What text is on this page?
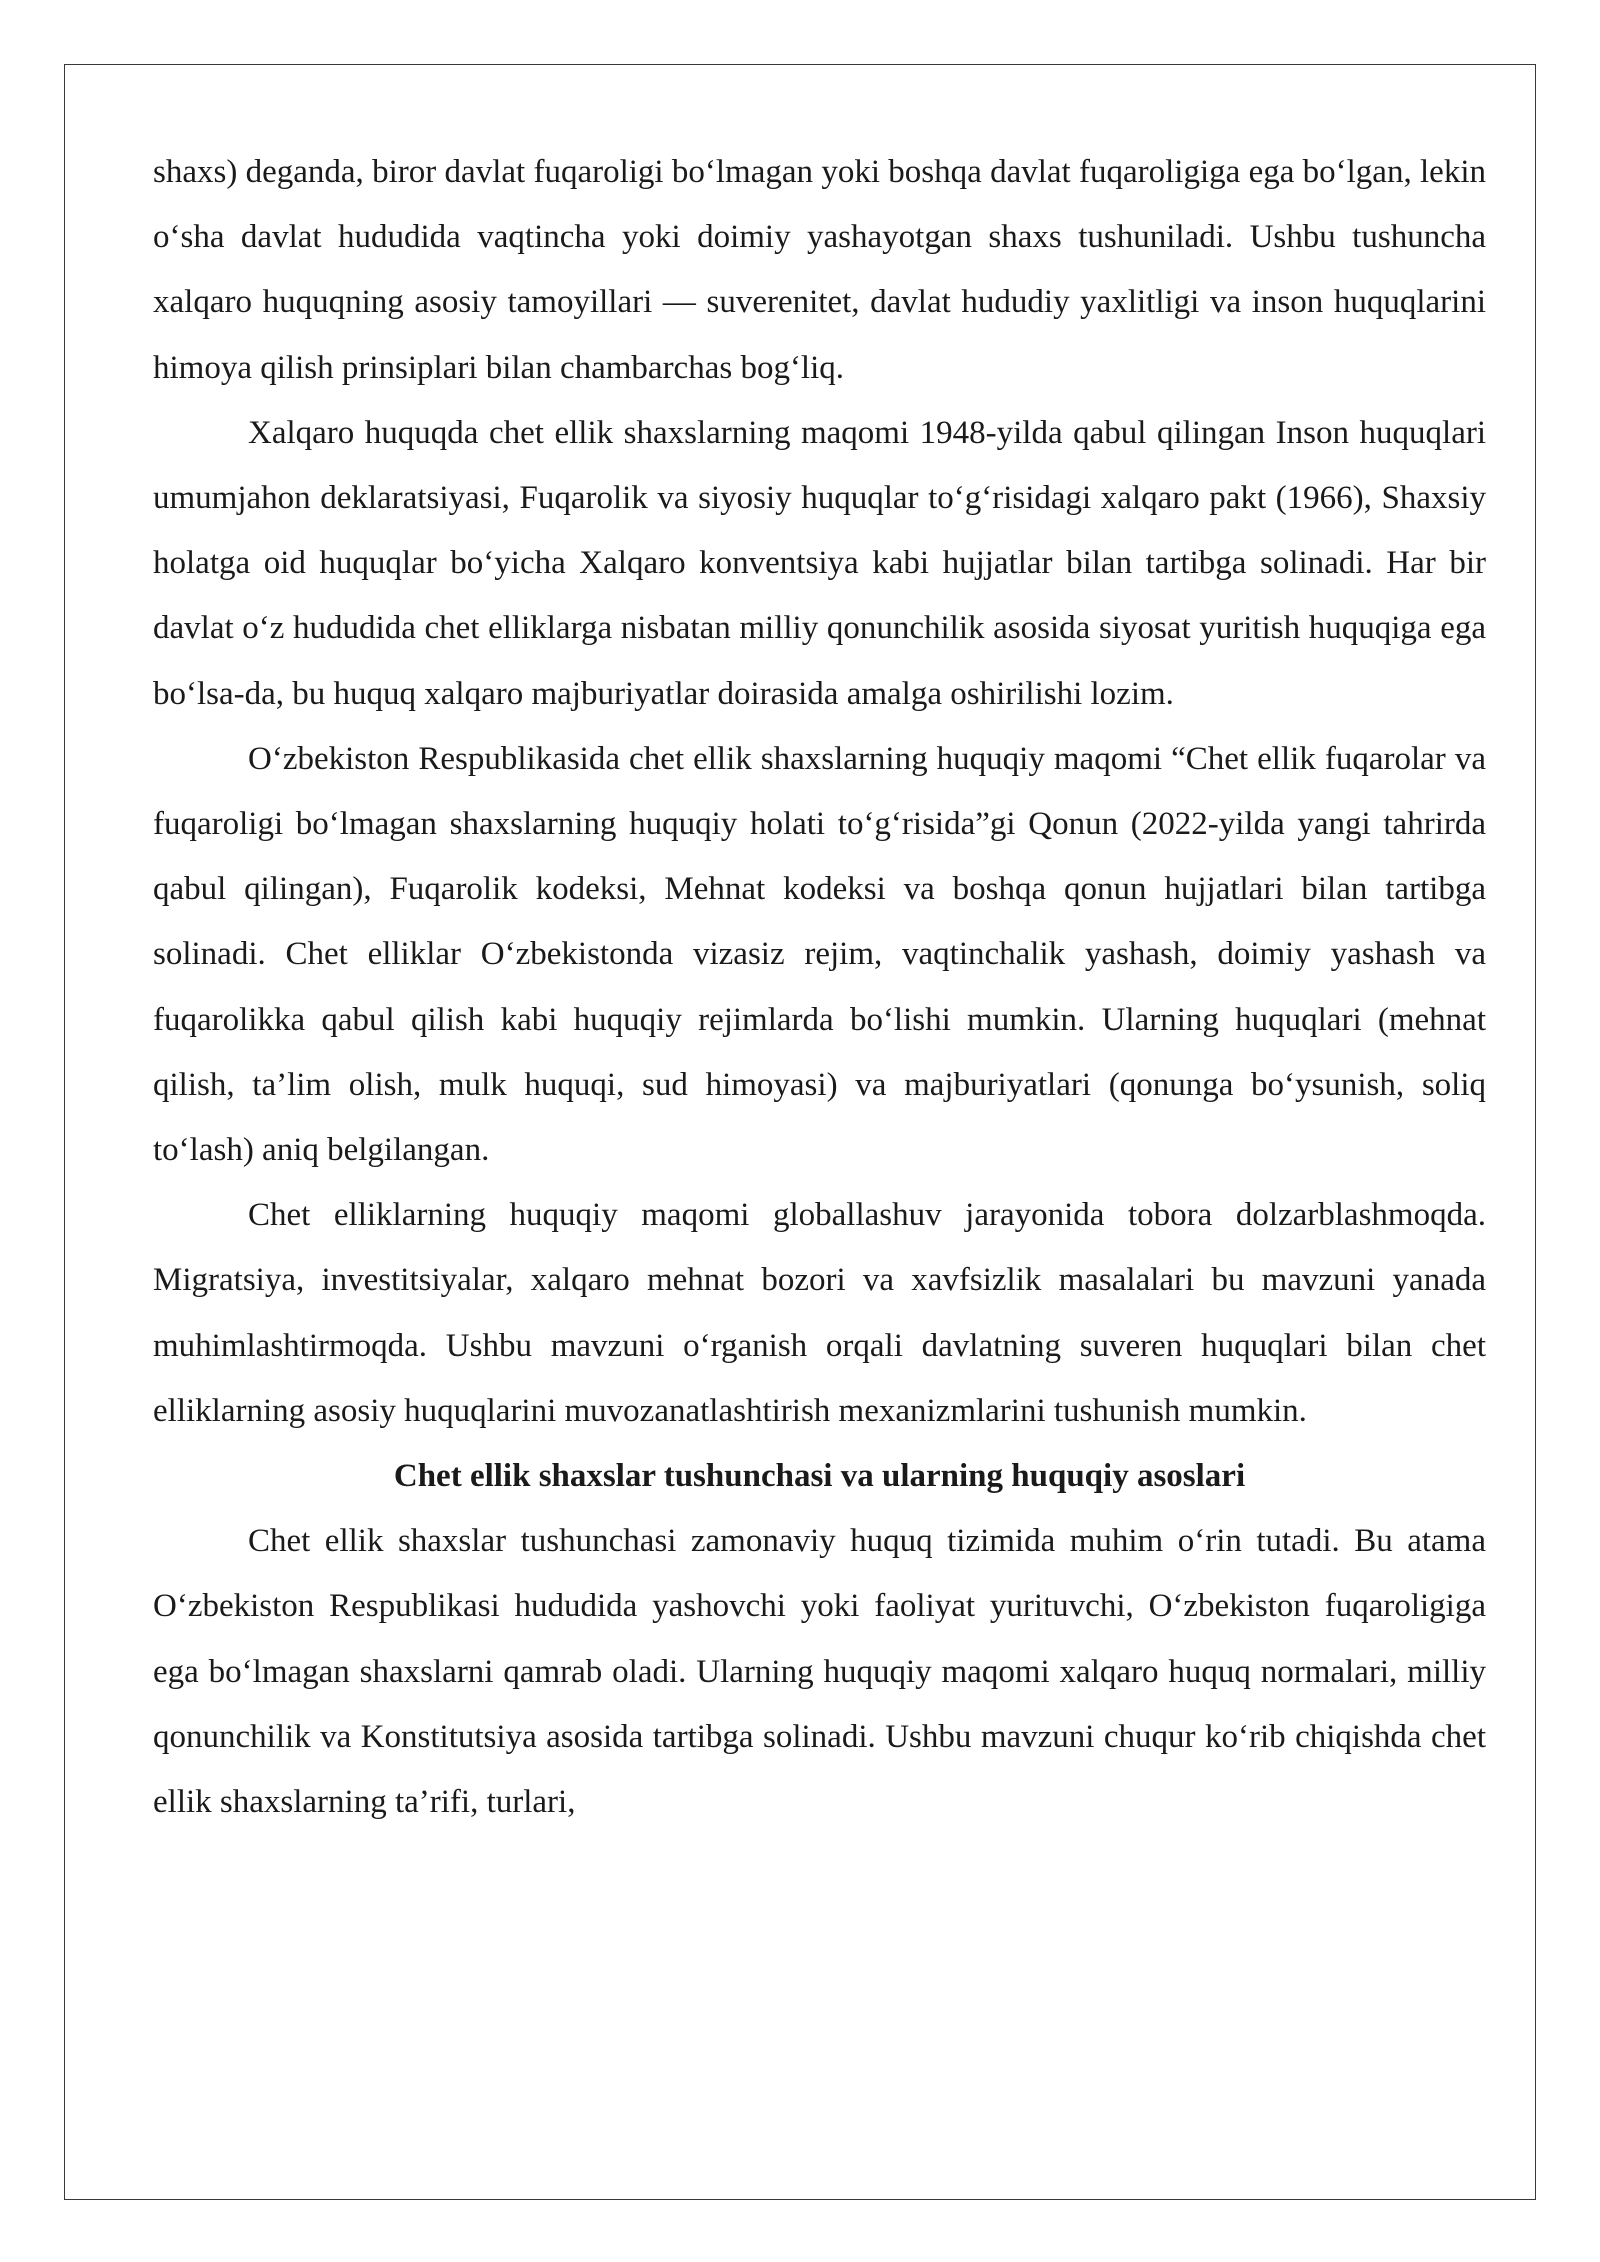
shaxs) deganda, biror davlat fuqaroligi bo‘lmagan yoki boshqa davlat fuqaroligiga ega bo‘lgan, lekin o‘sha davlat hududida vaqtincha yoki doimiy yashayotgan shaxs tushuniladi. Ushbu tushuncha xalqaro huquqning asosiy tamoyillari — suverenitet, davlat hududiy yaxlitligi va inson huquqlarini himoya qilish prinsiplari bilan chambarchas bog‘liq.

Xalqaro huquqda chet ellik shaxslarning maqomi 1948-yilda qabul qilingan Inson huquqlari umumjahon deklaratsiyasi, Fuqarolik va siyosiy huquqlar to‘g‘risidagi xalqaro pakt (1966), Shaxsiy holatga oid huquqlar bo‘yicha Xalqaro konventsiya kabi hujjatlar bilan tartibga solinadi. Har bir davlat o‘z hududida chet elliklarga nisbatan milliy qonunchilik asosida siyosat yuritish huquqiga ega bo‘lsa-da, bu huquq xalqaro majburiyatlar doirasida amalga oshirilishi lozim.

O‘zbekiston Respublikasida chet ellik shaxslarning huquqiy maqomi “Chet ellik fuqarolar va fuqaroligi bo‘lmagan shaxslarning huquqiy holati to‘g‘risida”gi Qonun (2022-yilda yangi tahrirda qabul qilingan), Fuqarolik kodeksi, Mehnat kodeksi va boshqa qonun hujjatlari bilan tartibga solinadi. Chet elliklar O‘zbekistonda vizasiz rejim, vaqtinchalik yashash, doimiy yashash va fuqarolikka qabul qilish kabi huquqiy rejimlarda bo‘lishi mumkin. Ularning huquqlari (mehnat qilish, ta’lim olish, mulk huquqi, sud himoyasi) va majburiyatlari (qonunga bo‘ysunish, soliq to‘lash) aniq belgilangan.

Chet elliklarning huquqiy maqomi globallashuv jarayonida tobora dolzarblashmoqda. Migratsiya, investitsiyalar, xalqaro mehnat bozori va xavfsizlik masalalari bu mavzuni yanada muhimlashtirmoqda. Ushbu mavzuni o‘rganish orqali davlatning suveren huquqlari bilan chet elliklarning asosiy huquqlarini muvozanatlashtirish mexanizmlarini tushunish mumkin.

Chet ellik shaxslar tushunchasi va ularning huquqiy asoslari

Chet ellik shaxslar tushunchasi zamonaviy huquq tizimida muhim o‘rin tutadi. Bu atama O‘zbekiston Respublikasi hududida yashovchi yoki faoliyat yurituvchi, O‘zbekiston fuqaroligiga ega bo‘lmagan shaxslarni qamrab oladi. Ularning huquqiy maqomi xalqaro huquq normalari, milliy qonunchilik va Konstitutsiya asosida tartibga solinadi. Ushbu mavzuni chuqur ko‘rib chiqishda chet ellik shaxslarning ta’rifi, turlari,
